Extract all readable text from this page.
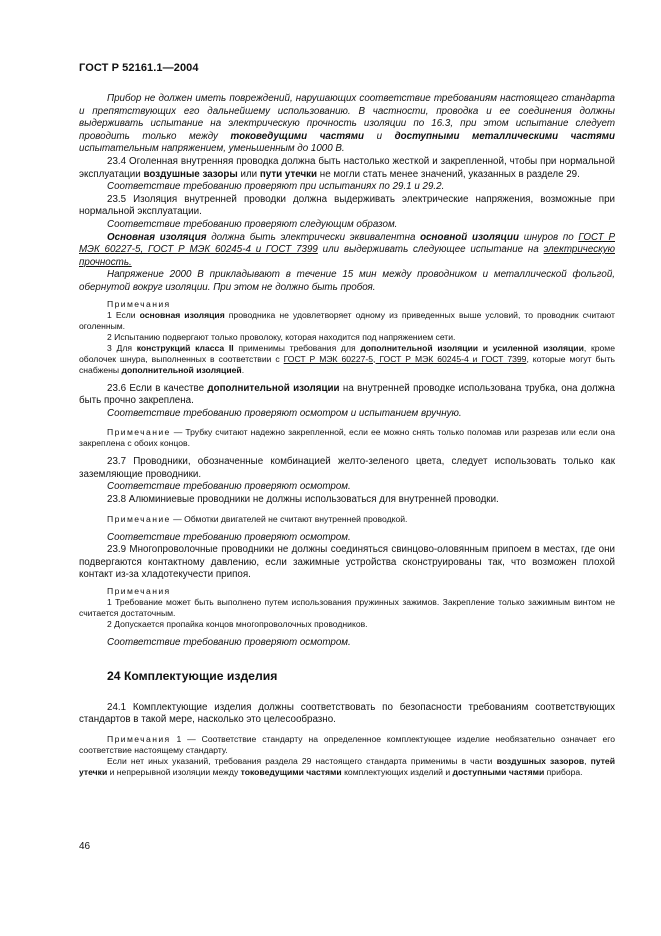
ГОСТ Р 52161.1—2004

Прибор не должен иметь повреждений, нарушающих соответствие требованиям настоящего стандарта и препятствующих его дальнейшему использованию. В частности, проводка и ее соединения должны выдерживать испытание на электрическую прочность изоляции по 16.3, при этом испытание следует проводить только между токоведущими частями и доступными металлическими частями испытательным напряжением, уменьшенным до 1000 В.

23.4 Оголенная внутренняя проводка должна быть настолько жесткой и закрепленной, чтобы при нормальной эксплуатации воздушные зазоры или пути утечки не могли стать менее значений, указанных в разделе 29.

Соответствие требованию проверяют при испытаниях по 29.1 и 29.2.

23.5 Изоляция внутренней проводки должна выдерживать электрические напряжения, возможные при нормальной эксплуатации.

Соответствие требованию проверяют следующим образом.

Основная изоляция должна быть электрически эквивалентна основной изоляции шнуров по ГОСТ Р МЭК 60227-5, ГОСТ Р МЭК 60245-4 и ГОСТ 7399 или выдерживать следующее испытание на электрическую прочность.

Напряжение 2000 В прикладывают в течение 15 мин между проводником и металлической фольгой, обернутой вокруг изоляции. При этом не должно быть пробоя.

Примечания

1 Если основная изоляция проводника не удовлетворяет одному из приведенных выше условий, то проводник считают оголенным.

2 Испытанию подвергают только проволоку, которая находится под напряжением сети.

3 Для конструкций класса II применимы требования для дополнительной изоляции и усиленной изоляции, кроме оболочек шнура, выполненных в соответствии с ГОСТ Р МЭК 60227-5, ГОСТ Р МЭК 60245-4 и ГОСТ 7399, которые могут быть снабжены дополнительной изоляцией.

23.6 Если в качестве дополнительной изоляции на внутренней проводке использована трубка, она должна быть прочно закреплена.

Соответствие требованию проверяют осмотром и испытанием вручную.

Примечание — Трубку считают надежно закрепленной, если ее можно снять только поломав или разрезав или если она закреплена с обоих концов.

23.7 Проводники, обозначенные комбинацией желто-зеленого цвета, следует использовать только как заземляющие проводники.

Соответствие требованию проверяют осмотром.

23.8 Алюминиевые проводники не должны использоваться для внутренней проводки.

Примечание — Обмотки двигателей не считают внутренней проводкой.

Соответствие требованию проверяют осмотром.

23.9 Многопроволочные проводники не должны соединяться свинцово-оловянным припоем в местах, где они подвергаются контактному давлению, если зажимные устройства сконструированы так, что возможен плохой контакт из-за хладотекучести припоя.

Примечания

1 Требование может быть выполнено путем использования пружинных зажимов. Закрепление только зажимным винтом не считается достаточным.

2 Допускается пропайка концов многопроволочных проводников.

Соответствие требованию проверяют осмотром.

24 Комплектующие изделия

24.1 Комплектующие изделия должны соответствовать по безопасности требованиям соответствующих стандартов в такой мере, насколько это целесообразно.

Примечания 1 — Соответствие стандарту на определенное комплектующее изделие необязательно означает его соответствие настоящему стандарту.

Если нет иных указаний, требования раздела 29 настоящего стандарта применимы в части воздушных зазоров, путей утечки и непрерывной изоляции между токоведущими частями комплектующих изделий и доступными частями прибора.

46
